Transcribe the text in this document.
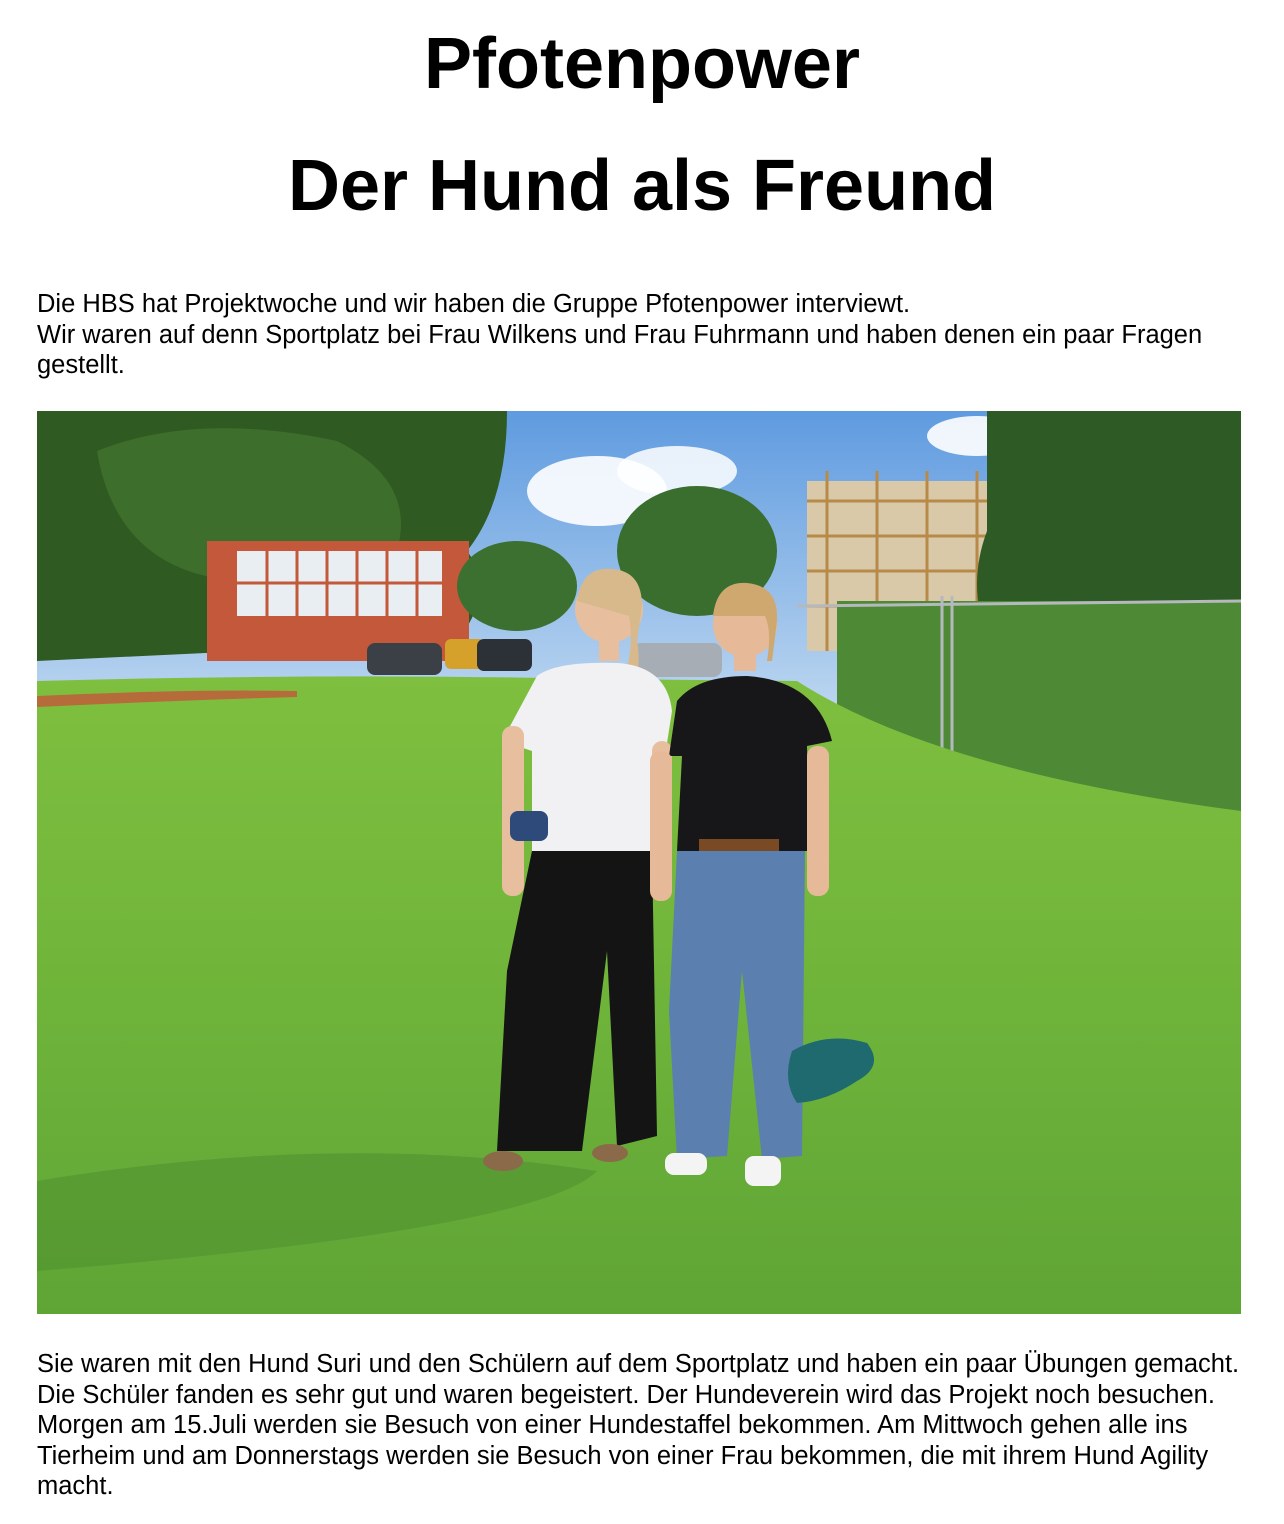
Pfotenpower
Der Hund als Freund

Die HBS hat Projektwoche und wir haben die Gruppe Pfotenpower interviewt.
Wir waren auf denn Sportplatz bei Frau Wilkens und Frau Fuhrmann und haben denen ein paar Fragen gestellt.

Sie waren mit den Hund Suri und den Schülern auf dem Sportplatz und haben ein paar Übungen gemacht. Die Schüler fanden es sehr gut und waren begeistert. Der Hundeverein wird das Projekt noch besuchen. Morgen am 15.Juli werden sie Besuch von einer Hundestaffel bekommen. Am Mittwoch gehen alle ins Tierheim und am Donnerstags werden sie Besuch von einer Frau bekommen, die mit ihrem Hund Agility macht.
